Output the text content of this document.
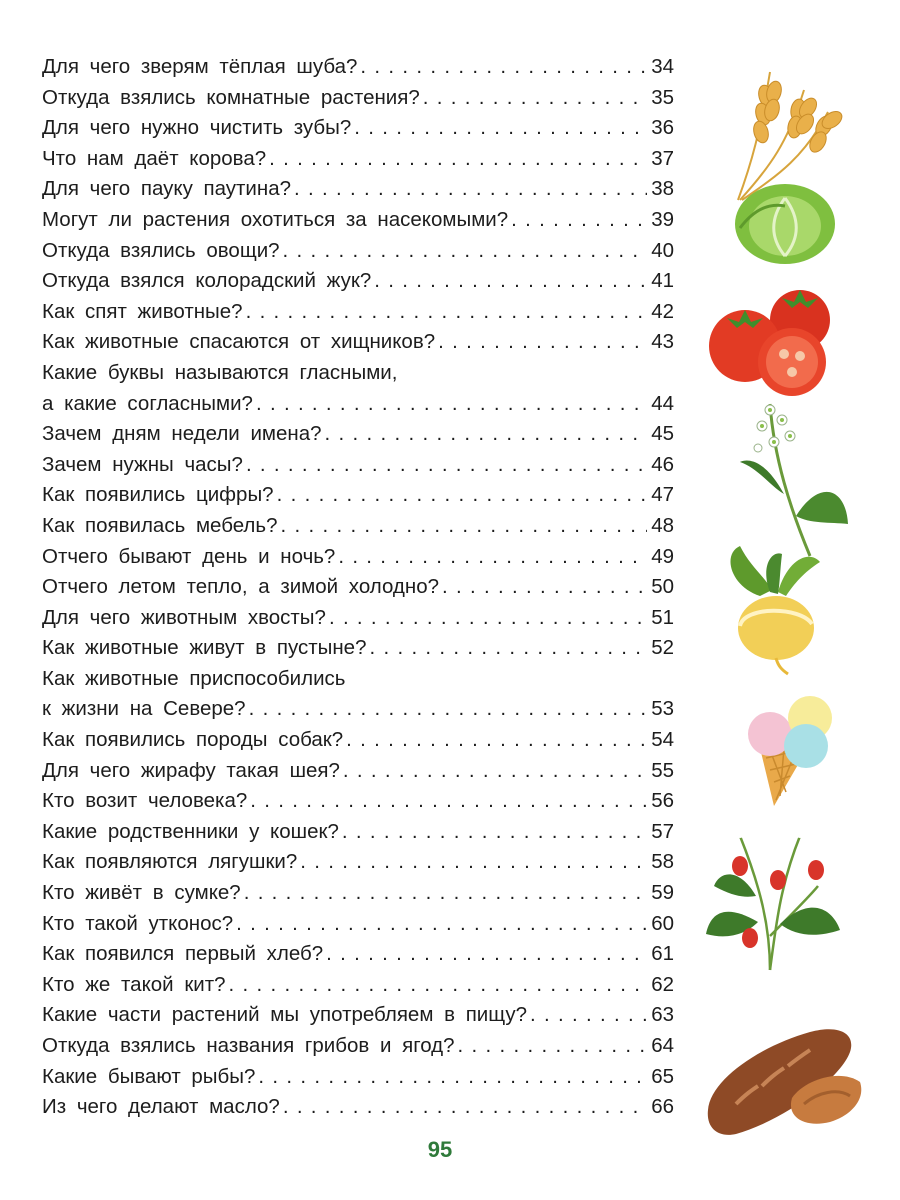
Для чего зверям тёплая шуба? . . .	34
Откуда взялись комнатные растения? . . .	35
Для чего нужно чистить зубы? . . .	36
Что нам даёт корова? . . .	37
Для чего пауку паутина? . . .	38
Могут ли растения охотиться за насекомыми? . . .	39
Откуда взялись овощи? . . .	40
Откуда взялся колорадский жук? . . .	41
Как спят животные? . . .	42
Как животные спасаются от хищников? . . .	43
Какие буквы называются гласными,
а какие согласными? . . .	44
Зачем дням недели имена? . . .	45
Зачем нужны часы? . . .	46
Как появились цифры? . . .	47
Как появилась мебель? . . .	48
Отчего бывают день и ночь? . . .	49
Отчего летом тепло, а зимой холодно? . . .	50
Для чего животным хвосты? . . .	51
Как животные живут в пустыне? . . .	52
Как животные приспособились
к жизни на Севере? . . .	53
Как появились породы собак? . . .	54
Для чего жирафу такая шея? . . .	55
Кто возит человека? . . .	56
Какие родственники у кошек? . . .	57
Как появляются лягушки? . . .	58
Кто живёт в сумке? . . .	59
Кто такой утконос? . . .	60
Как появился первый хлеб? . . .	61
Кто же такой кит? . . .	62
Какие части растений мы употребляем в пищу? . . .	63
Откуда взялись названия грибов и ягод? . . .	64
Какие бывают рыбы? . . .	65
Из чего делают масло? . . .	66
95
